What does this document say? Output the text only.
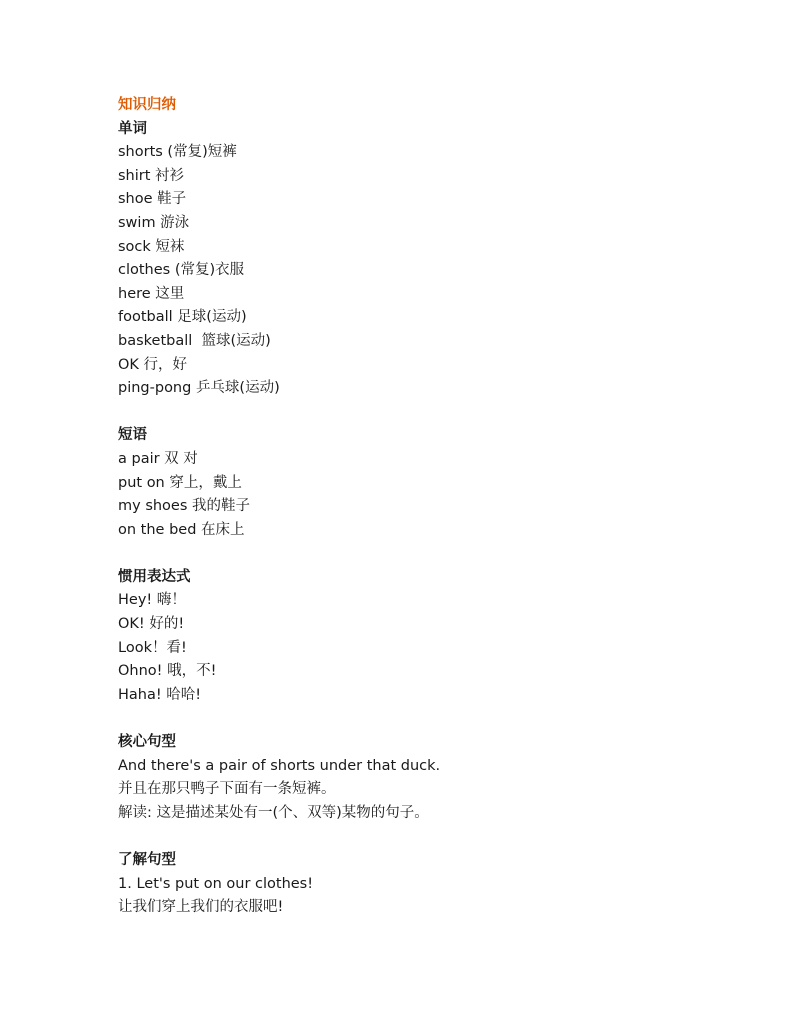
知识归纳
单词
shorts (常复)短裤
shirt 衬衫
shoe 鞋子
swim 游泳
sock 短袜
clothes (常复)衣服
here 这里
football 足球(运动)
basketball  篮球(运动)
OK 行，好
ping-pong 乒乓球(运动)
短语
a pair 双 对
put on 穿上，戴上
my shoes 我的鞋子
on the bed 在床上
惯用表达式
Hey! 嗨！
OK! 好的!
Look！看!
Ohno! 哦，不!
Haha! 哈哈!
核心句型
And there's a pair of shorts under that duck.
并且在那只鸭子下面有一条短裤。
解读: 这是描述某处有一(个、双等)某物的句子。
了解句型
1. Let's put on our clothes!
让我们穿上我们的衣服吧!
